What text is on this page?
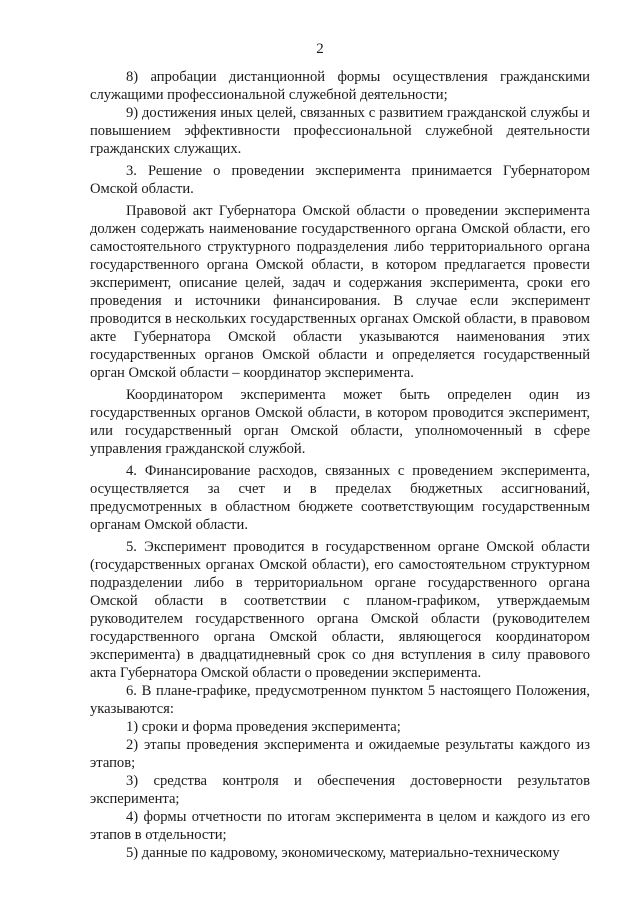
2

8) апробации дистанционной формы осуществления гражданскими служащими профессиональной служебной деятельности;

9) достижения иных целей, связанных с развитием гражданской службы и повышением эффективности профессиональной служебной деятельности гражданских служащих.

3. Решение о проведении эксперимента принимается Губернатором Омской области.

Правовой акт Губернатора Омской области о проведении эксперимента должен содержать наименование государственного органа Омской области, его самостоятельного структурного подразделения либо территориального органа государственного органа Омской области, в котором предлагается провести эксперимент, описание целей, задач и содержания эксперимента, сроки его проведения и источники финансирования. В случае если эксперимент проводится в нескольких государственных органах Омской области, в правовом акте Губернатора Омской области указываются наименования этих государственных органов Омской области и определяется государственный орган Омской области – координатор эксперимента.

Координатором эксперимента может быть определен один из государственных органов Омской области, в котором проводится эксперимент, или государственный орган Омской области, уполномоченный в сфере управления гражданской службой.

4. Финансирование расходов, связанных с проведением эксперимента, осуществляется за счет и в пределах бюджетных ассигнований, предусмотренных в областном бюджете соответствующим государственным органам Омской области.

5. Эксперимент проводится в государственном органе Омской области (государственных органах Омской области), его самостоятельном структурном подразделении либо в территориальном органе государственного органа Омской области в соответствии с планом-графиком, утверждаемым руководителем государственного органа Омской области (руководителем государственного органа Омской области, являющегося координатором эксперимента) в двадцатидневный срок со дня вступления в силу правового акта Губернатора Омской области о проведении эксперимента.

6. В плане-графике, предусмотренном пунктом 5 настоящего Положения, указываются:

1) сроки и форма проведения эксперимента;

2) этапы проведения эксперимента и ожидаемые результаты каждого из этапов;

3) средства контроля и обеспечения достоверности результатов эксперимента;

4) формы отчетности по итогам эксперимента в целом и каждого из его этапов в отдельности;

5) данные по кадровому, экономическому, материально-техническому
